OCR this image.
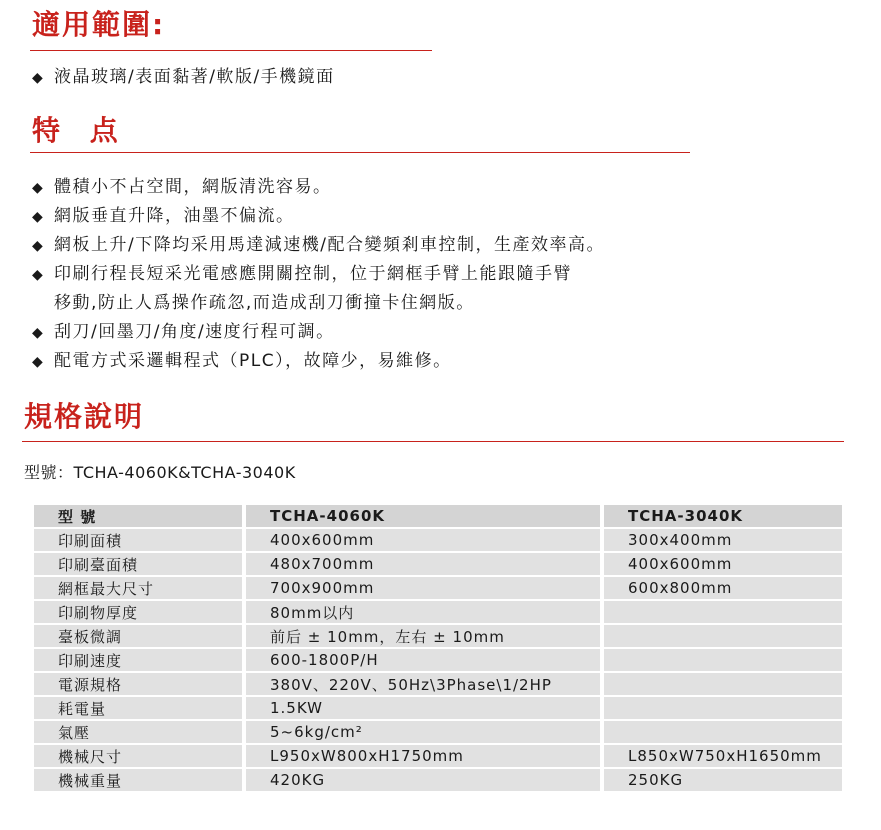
適用範圍:
◆ 液晶玻璃/表面黏著/軟版/手機鏡面
特 点
◆ 體積小不占空間，網版清洗容易。
◆ 網版垂直升降，油墨不偏流。
◆ 網板上升/下降均采用馬達減速機/配合變頻剎車控制，生產效率高。
◆ 印刷行程長短采光電感應開關控制，位于網框手臂上能跟隨手臂
移動,防止人爲操作疏忽,而造成刮刀衝撞卡住網版。
◆ 刮刀/回墨刀/角度/速度行程可調。
◆ 配電方式采邏輯程式（PLC），故障少，易維修。
規格說明
型號：TCHA-4060K&TCHA-3040K
型 號	TCHA-4060K	TCHA-3040K
印刷面積	400x600mm	300x400mm
印刷臺面積	480x700mm	400x600mm
網框最大尺寸	700x900mm	600x800mm
印刷物厚度	80mm以内	
臺板微調	前后 ± 10mm，左右 ± 10mm	
印刷速度	600-1800P/H	
電源規格	380V、220V、50Hz\3Phase\1/2HP	
耗電量	1.5KW	
氣壓	5~6kg/cm²	
機械尺寸	L950xW800xH1750mm	L850xW750xH1650mm
機械重量	420KG	250KG
